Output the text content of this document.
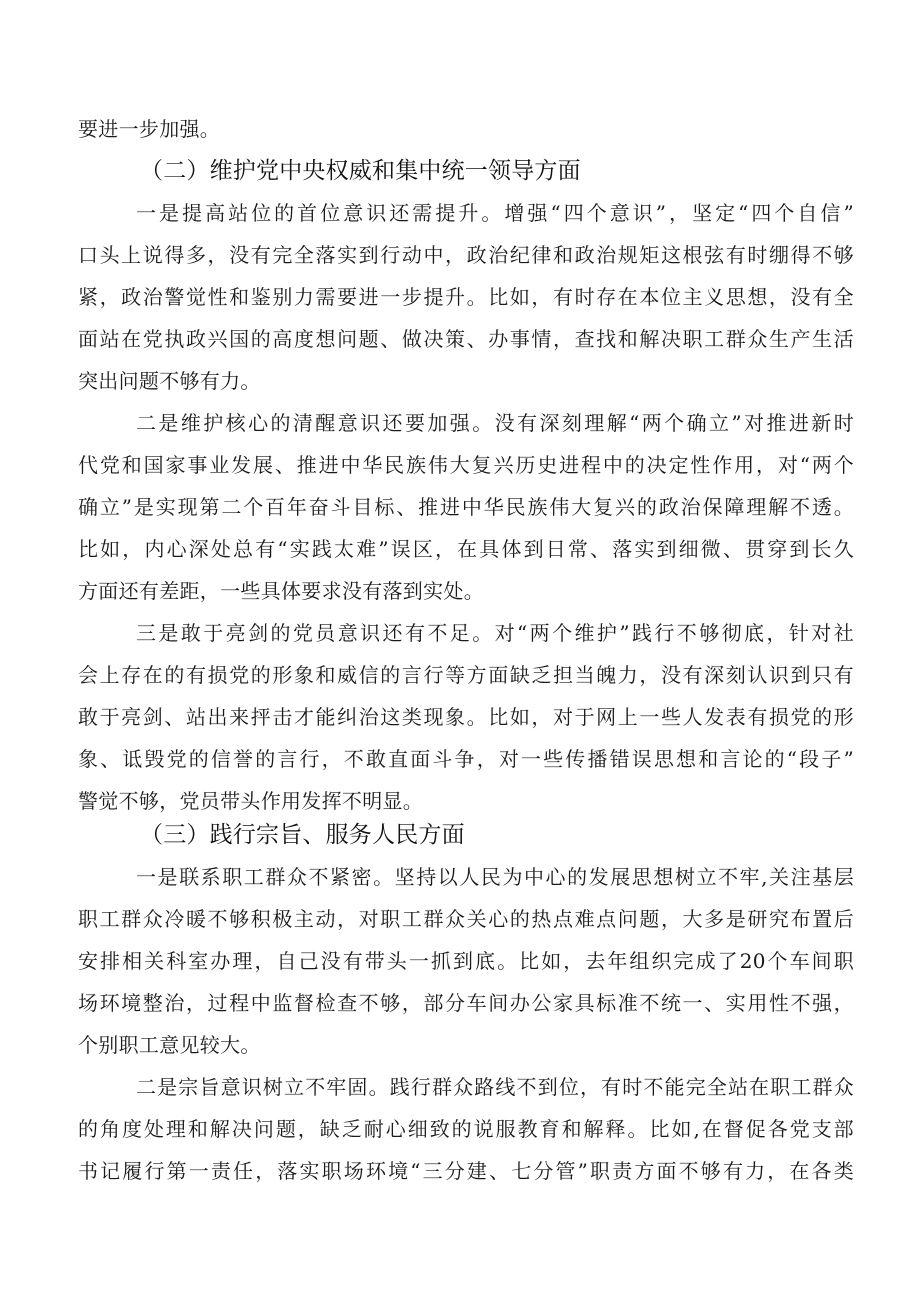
要进一步加强。
（二）维护党中央权威和集中统一领导方面
一是提高站位的首位意识还需提升。增强“四个意识”，坚定“四个自信”
口头上说得多，没有完全落实到行动中，政治纪律和政治规矩这根弦有时绷得不够
紧，政治警觉性和鉴别力需要进一步提升。比如，有时存在本位主义思想，没有全
面站在党执政兴国的高度想问题、做决策、办事情，查找和解决职工群众生产生活
突出问题不够有力。
二是维护核心的清醒意识还要加强。没有深刻理解“两个确立”对推进新时
代党和国家事业发展、推进中华民族伟大复兴历史进程中的决定性作用，对“两个
确立”是实现第二个百年奋斗目标、推进中华民族伟大复兴的政治保障理解不透。
比如，内心深处总有“实践太难”误区，在具体到日常、落实到细微、贯穿到长久
方面还有差距，一些具体要求没有落到实处。
三是敢于亮剑的党员意识还有不足。对“两个维护”践行不够彻底，针对社
会上存在的有损党的形象和威信的言行等方面缺乏担当魄力，没有深刻认识到只有
敢于亮剑、站出来抨击才能纠治这类现象。比如，对于网上一些人发表有损党的形
象、诋毁党的信誉的言行，不敢直面斗争，对一些传播错误思想和言论的“段子”
警觉不够，党员带头作用发挥不明显。
（三）践行宗旨、服务人民方面
一是联系职工群众不紧密。坚持以人民为中心的发展思想树立不牢,关注基层
职工群众冷暖不够积极主动，对职工群众关心的热点难点问题，大多是研究布置后
安排相关科室办理，自己没有带头一抓到底。比如，去年组织完成了20个车间职
场环境整治，过程中监督检查不够，部分车间办公家具标准不统一、实用性不强，
个别职工意见较大。
二是宗旨意识树立不牢固。践行群众路线不到位，有时不能完全站在职工群众
的角度处理和解决问题，缺乏耐心细致的说服教育和解释。比如,在督促各党支部
书记履行第一责任，落实职场环境“三分建、七分管”职责方面不够有力，在各类
